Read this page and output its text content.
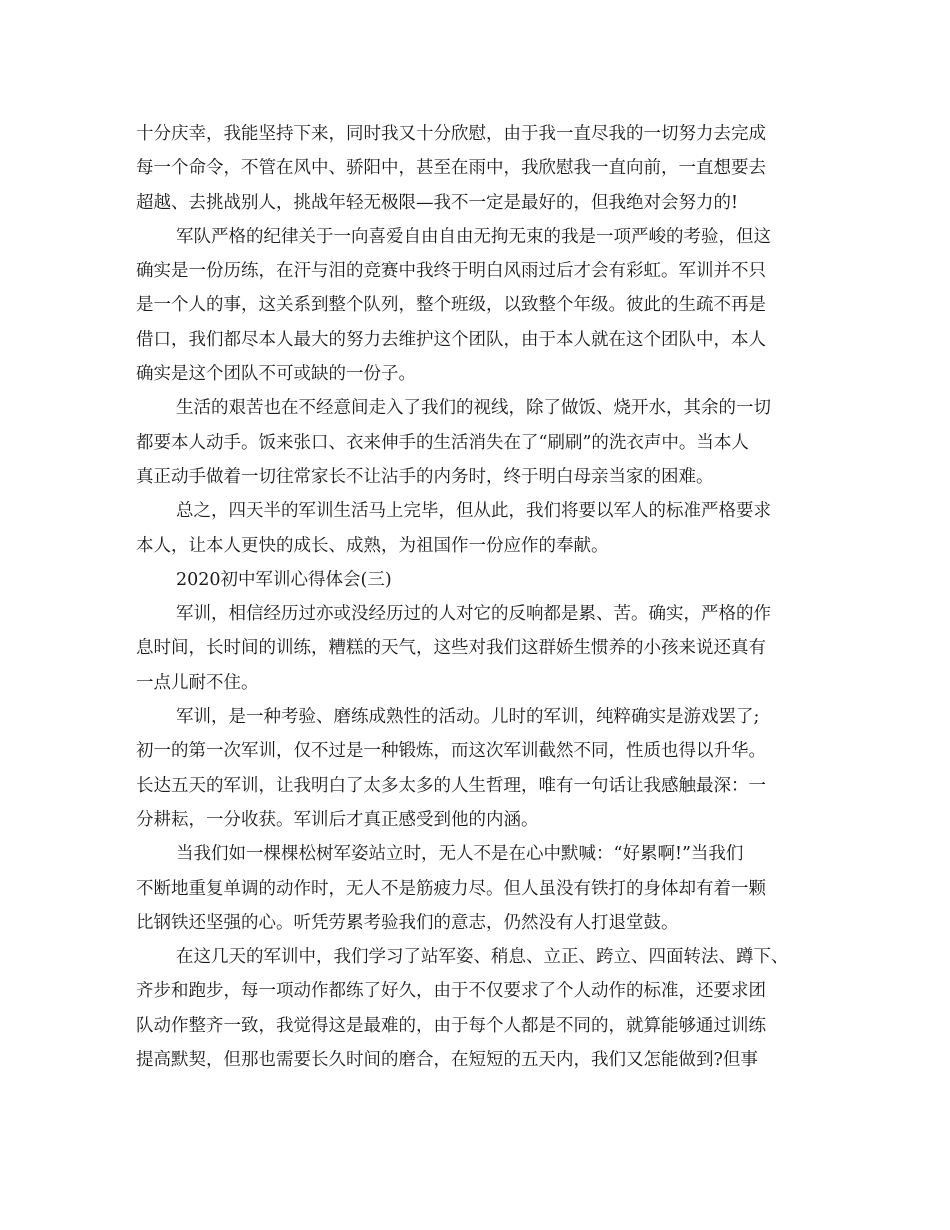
十分庆幸，我能坚持下来，同时我又十分欣慰，由于我一直尽我的一切努力去完成
每一个命令，不管在风中、骄阳中，甚至在雨中，我欣慰我一直向前，一直想要去
超越、去挑战别人，挑战年轻无极限—我不一定是最好的，但我绝对会努力的!
军队严格的纪律关于一向喜爱自由自由无拘无束的我是一项严峻的考验，但这
确实是一份历练，在汗与泪的竞赛中我终于明白风雨过后才会有彩虹。军训并不只
是一个人的事，这关系到整个队列，整个班级，以致整个年级。彼此的生疏不再是
借口，我们都尽本人最大的努力去维护这个团队，由于本人就在这个团队中，本人
确实是这个团队不可或缺的一份子。
生活的艰苦也在不经意间走入了我们的视线，除了做饭、烧开水，其余的一切
都要本人动手。饭来张口、衣来伸手的生活消失在了“刷刷”的洗衣声中。当本人
真正动手做着一切往常家长不让沾手的内务时，终于明白母亲当家的困难。
总之，四天半的军训生活马上完毕，但从此，我们将要以军人的标准严格要求
本人，让本人更快的成长、成熟，为祖国作一份应作的奉献。
2020初中军训心得体会(三)
军训，相信经历过亦或没经历过的人对它的反响都是累、苦。确实，严格的作
息时间，长时间的训练，糟糕的天气，这些对我们这群娇生惯养的小孩来说还真有
一点儿耐不住。
军训，是一种考验、磨练成熟性的活动。儿时的军训，纯粹确实是游戏罢了;
初一的第一次军训，仅不过是一种锻炼，而这次军训截然不同，性质也得以升华。
长达五天的军训，让我明白了太多太多的人生哲理，唯有一句话让我感触最深：一
分耕耘，一分收获。军训后才真正感受到他的内涵。
当我们如一棵棵松树军姿站立时，无人不是在心中默喊：“好累啊!”当我们
不断地重复单调的动作时，无人不是筋疲力尽。但人虽没有铁打的身体却有着一颗
比钢铁还坚强的心。听凭劳累考验我们的意志，仍然没有人打退堂鼓。
在这几天的军训中，我们学习了站军姿、稍息、立正、跨立、四面转法、蹲下、
齐步和跑步，每一项动作都练了好久，由于不仅要求了个人动作的标准，还要求团
队动作整齐一致，我觉得这是最难的，由于每个人都是不同的，就算能够通过训练
提高默契，但那也需要长久时间的磨合，在短短的五天内，我们又怎能做到?但事
